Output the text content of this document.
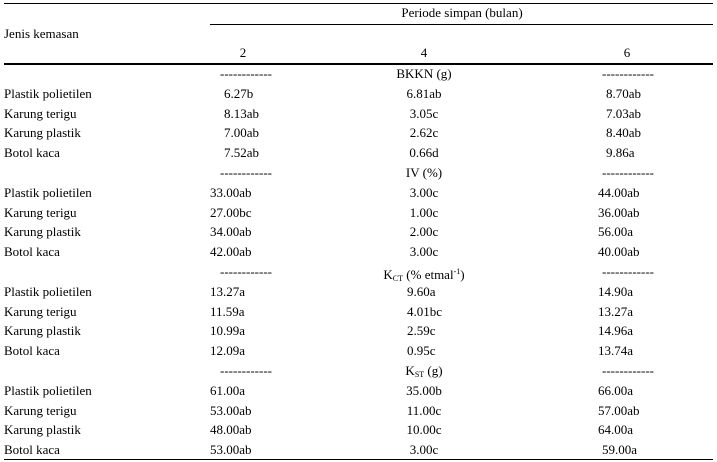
Jenis kemasan
Periode simpan (bulan)
2	4	6
------------	BKKN (g)	------------
Plastik polietilen	6.27b	6.81ab	8.70ab
Karung terigu	8.13ab	3.05c	7.03ab
Karung plastik	7.00ab	2.62c	8.40ab
Botol kaca	7.52ab	0.66d	9.86a
------------	IV (%)	------------
Plastik polietilen	33.00ab	3.00c	44.00ab
Karung terigu	27.00bc	1.00c	36.00ab
Karung plastik	34.00ab	2.00c	56.00a
Botol kaca	42.00ab	3.00c	40.00ab
------------	$K_{CT}$ (% etmal$^{-1}$)	------------
Plastik polietilen	13.27a	9.60a	14.90a
Karung terigu	11.59a	4.01bc	13.27a
Karung plastik	10.99a	2.59c	14.96a
Botol kaca	12.09a	0.95c	13.74a
------------	$K_{ST}$ (g)	------------
Plastik polietilen	61.00a	35.00b	66.00a
Karung terigu	53.00ab	11.00c	57.00ab
Karung plastik	48.00ab	10.00c	64.00a
Botol kaca	53.00ab	3.00c	59.00a
